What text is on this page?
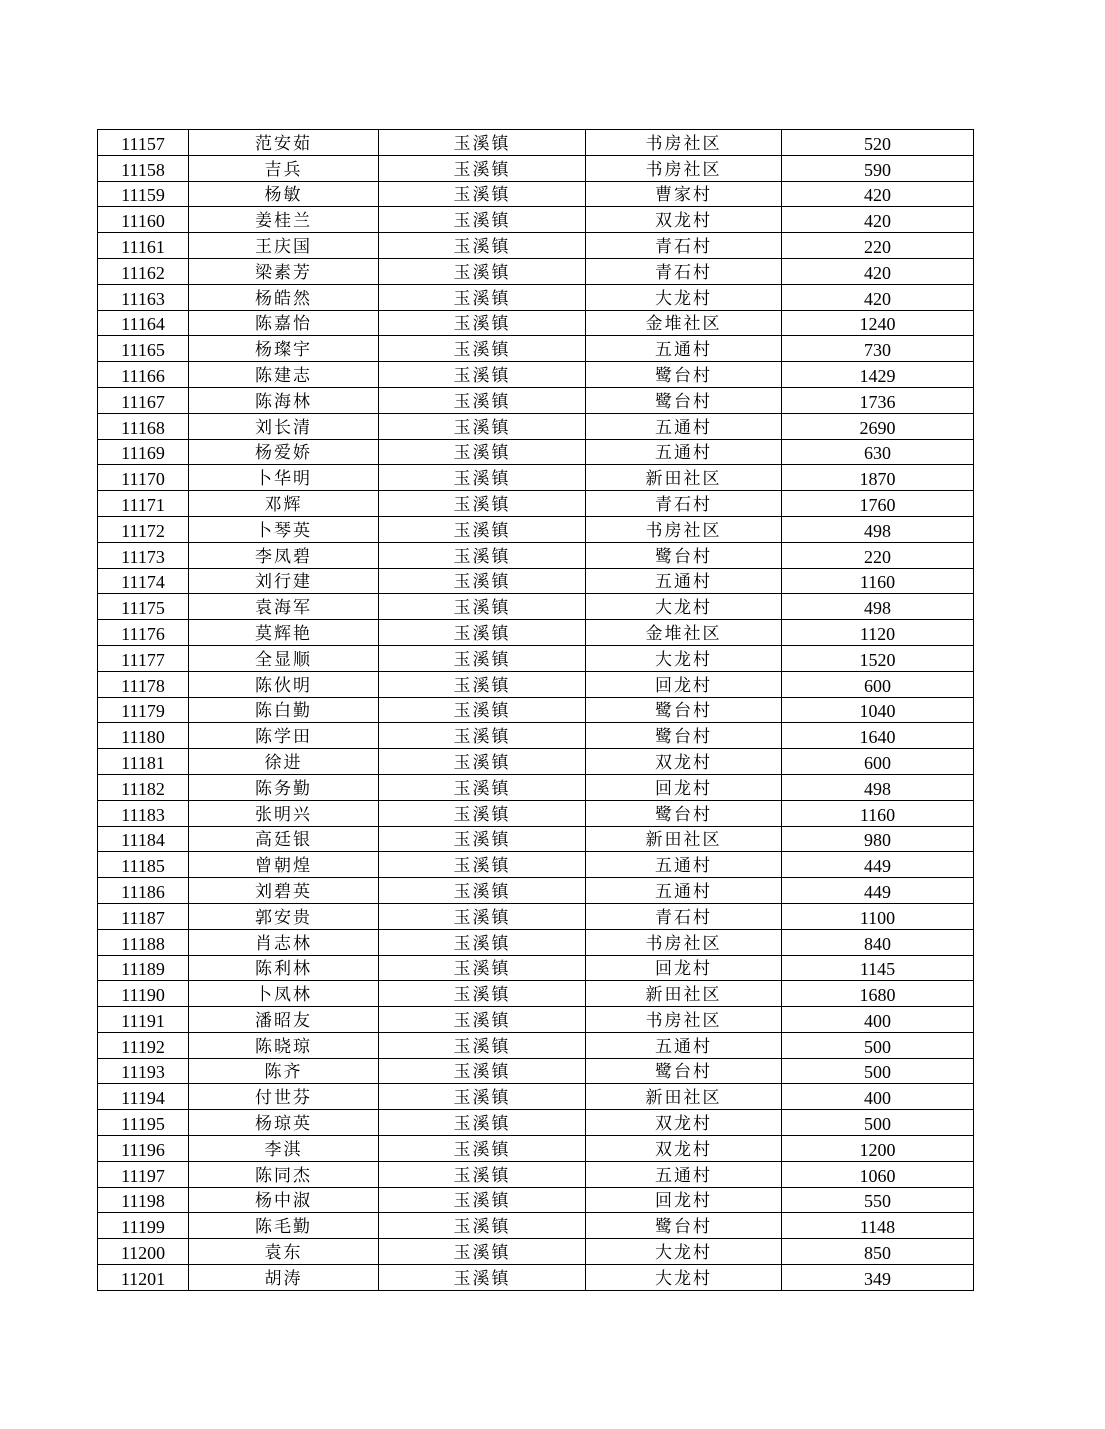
11157	范安茹	玉溪镇	书房社区	520
11158	吉兵	玉溪镇	书房社区	590
11159	杨敏	玉溪镇	曹家村	420
11160	姜桂兰	玉溪镇	双龙村	420
11161	王庆国	玉溪镇	青石村	220
11162	梁素芳	玉溪镇	青石村	420
11163	杨皓然	玉溪镇	大龙村	420
11164	陈嘉怡	玉溪镇	金堆社区	1240
11165	杨璨宇	玉溪镇	五通村	730
11166	陈建志	玉溪镇	鹭台村	1429
11167	陈海林	玉溪镇	鹭台村	1736
11168	刘长清	玉溪镇	五通村	2690
11169	杨爱娇	玉溪镇	五通村	630
11170	卜华明	玉溪镇	新田社区	1870
11171	邓辉	玉溪镇	青石村	1760
11172	卜琴英	玉溪镇	书房社区	498
11173	李凤碧	玉溪镇	鹭台村	220
11174	刘行建	玉溪镇	五通村	1160
11175	袁海军	玉溪镇	大龙村	498
11176	莫辉艳	玉溪镇	金堆社区	1120
11177	全显顺	玉溪镇	大龙村	1520
11178	陈伙明	玉溪镇	回龙村	600
11179	陈白勤	玉溪镇	鹭台村	1040
11180	陈学田	玉溪镇	鹭台村	1640
11181	徐进	玉溪镇	双龙村	600
11182	陈务勤	玉溪镇	回龙村	498
11183	张明兴	玉溪镇	鹭台村	1160
11184	高廷银	玉溪镇	新田社区	980
11185	曾朝煌	玉溪镇	五通村	449
11186	刘碧英	玉溪镇	五通村	449
11187	郭安贵	玉溪镇	青石村	1100
11188	肖志林	玉溪镇	书房社区	840
11189	陈利林	玉溪镇	回龙村	1145
11190	卜凤林	玉溪镇	新田社区	1680
11191	潘昭友	玉溪镇	书房社区	400
11192	陈晓琼	玉溪镇	五通村	500
11193	陈齐	玉溪镇	鹭台村	500
11194	付世芬	玉溪镇	新田社区	400
11195	杨琼英	玉溪镇	双龙村	500
11196	李淇	玉溪镇	双龙村	1200
11197	陈同杰	玉溪镇	五通村	1060
11198	杨中淑	玉溪镇	回龙村	550
11199	陈毛勤	玉溪镇	鹭台村	1148
11200	袁东	玉溪镇	大龙村	850
11201	胡涛	玉溪镇	大龙村	349
